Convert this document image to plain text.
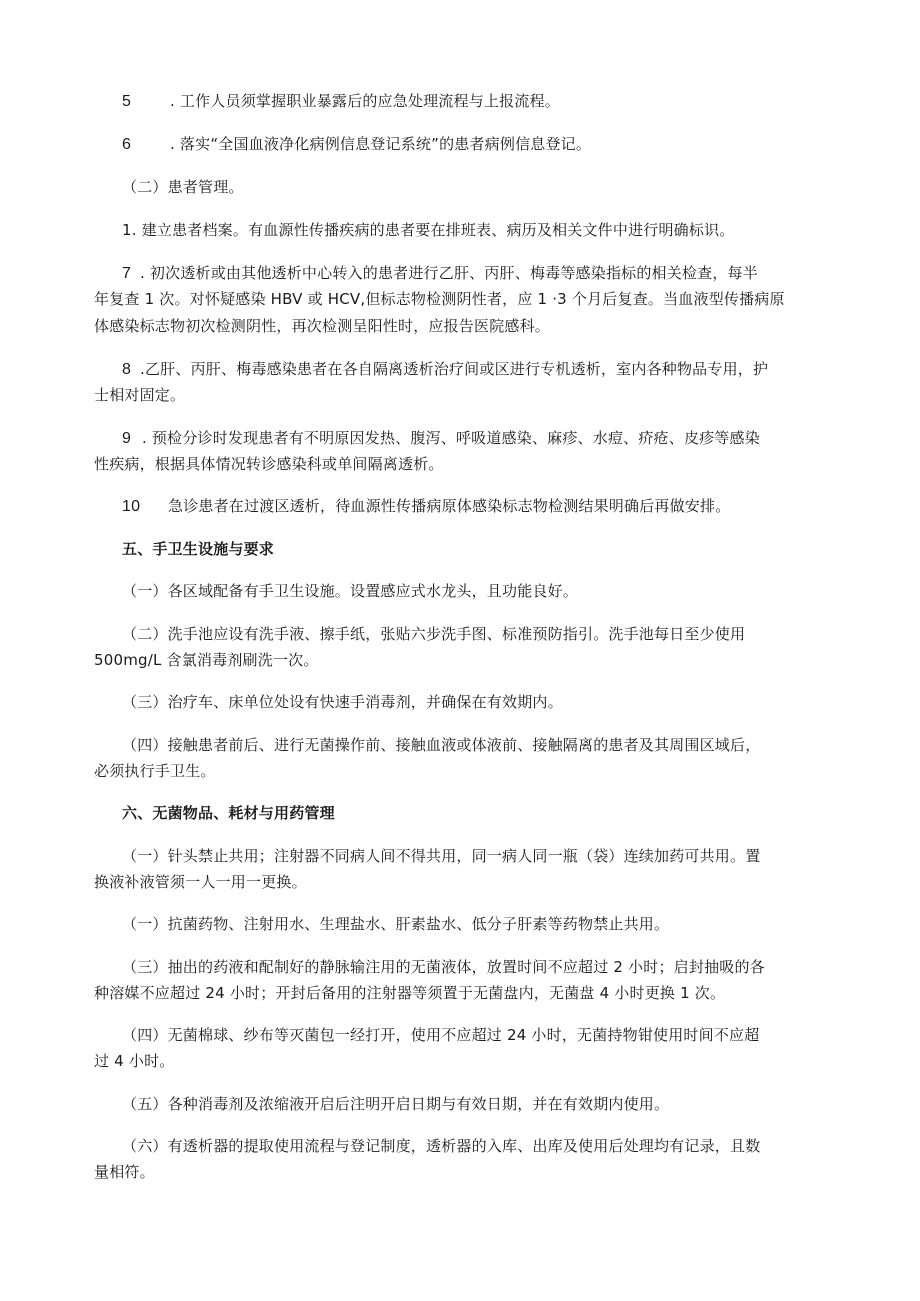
5	. 工作人员须掌握职业暴露后的应急处理流程与上报流程。
6	. 落实“全国血液净化病例信息登记系统”的患者病例信息登记。
（二）患者管理。
1. 建立患者档案。有血源性传播疾病的患者要在排班表、病历及相关文件中进行明确标识。
7 . 初次透析或由其他透析中心转入的患者进行乙肝、丙肝、梅毒等感染指标的相关检查，每半
年复查 1 次。对怀疑感染 HBV 或 HCV,但标志物检测阴性者，应 1 ·3 个月后复查。当血液型传播病原
体感染标志物初次检测阴性，再次检测呈阳性时，应报告医院感科。
8 .乙肝、丙肝、梅毒感染患者在各自隔离透析治疗间或区进行专机透析，室内各种物品专用，护
士相对固定。
9 . 预检分诊时发现患者有不明原因发热、腹泻、呼吸道感染、麻疹、水痘、疥疮、皮疹等感染
性疾病，根据具体情况转诊感染科或单间隔离透析。
10 急诊患者在过渡区透析，待血源性传播病原体感染标志物检测结果明确后再做安排。
五、手卫生设施与要求
（一）各区域配备有手卫生设施。设置感应式水龙头，且功能良好。
（二）洗手池应设有洗手液、擦手纸，张贴六步洗手图、标准预防指引。洗手池每日至少使用
500mg∕L 含氯消毒剂刷洗一次。
（三）治疗车、床单位处设有快速手消毒剂，并确保在有效期内。
（四）接触患者前后、进行无菌操作前、接触血液或体液前、接触隔离的患者及其周围区域后，
必须执行手卫生。
六、无菌物品、耗材与用药管理
（一）针头禁止共用；注射器不同病人间不得共用，同一病人同一瓶（袋）连续加药可共用。置
换液补液管须一人一用一更换。
（一）抗菌药物、注射用水、生理盐水、肝素盐水、低分子肝素等药物禁止共用。
（三）抽出的药液和配制好的静脉输注用的无菌液体，放置时间不应超过 2 小时；启封抽吸的各
种溶媒不应超过 24 小时；开封后备用的注射器等须置于无菌盘内，无菌盘 4 小时更换 1 次。
（四）无菌棉球、纱布等灭菌包一经打开，使用不应超过 24 小时，无菌持物钳使用时间不应超
过 4 小时。
（五）各种消毒剂及浓缩液开启后注明开启日期与有效日期，并在有效期内使用。
（六）有透析器的提取使用流程与登记制度，透析器的入库、出库及使用后处理均有记录，且数
量相符。
